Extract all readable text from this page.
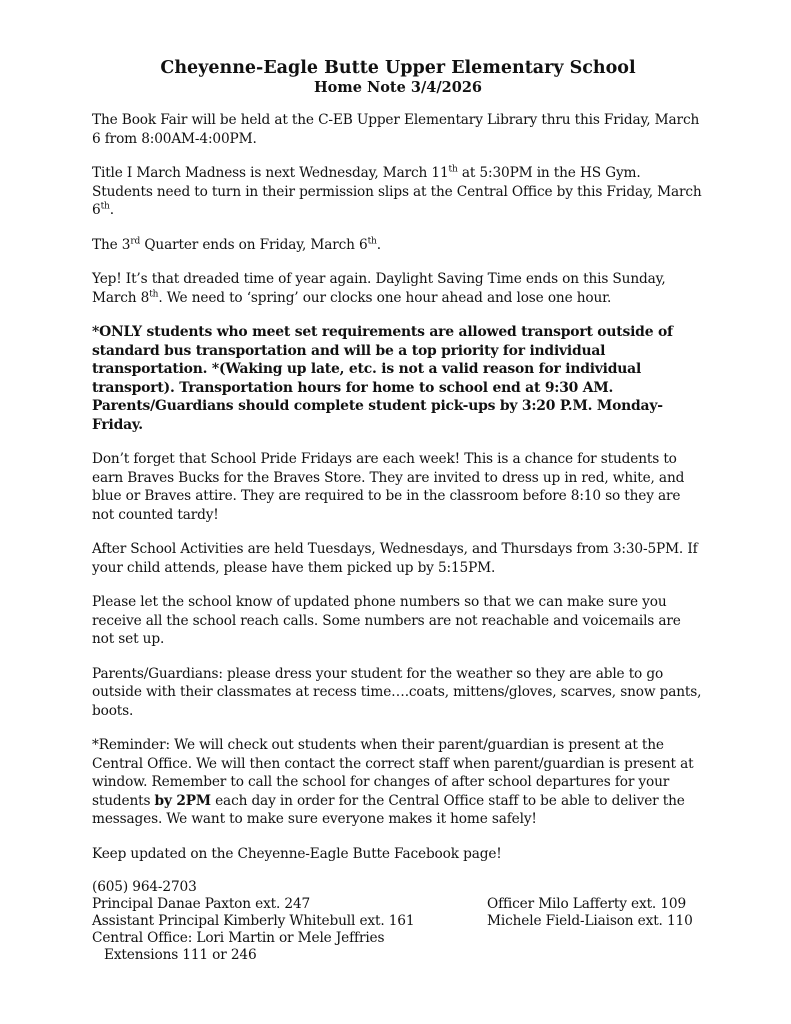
Cheyenne-Eagle Butte Upper Elementary School
Home Note 3/4/2026

The Book Fair will be held at the C-EB Upper Elementary Library thru this Friday, March 6 from 8:00AM-4:00PM.

Title I March Madness is next Wednesday, March 11th at 5:30PM in the HS Gym. Students need to turn in their permission slips at the Central Office by this Friday, March 6th.

The 3rd Quarter ends on Friday, March 6th.

Yep! It’s that dreaded time of year again. Daylight Saving Time ends on this Sunday, March 8th. We need to ‘spring’ our clocks one hour ahead and lose one hour.

*ONLY students who meet set requirements are allowed transport outside of standard bus transportation and will be a top priority for individual transportation. *(Waking up late, etc. is not a valid reason for individual transport). Transportation hours for home to school end at 9:30 AM. Parents/Guardians should complete student pick-ups by 3:20 P.M. Monday-Friday.

Don’t forget that School Pride Fridays are each week! This is a chance for students to earn Braves Bucks for the Braves Store. They are invited to dress up in red, white, and blue or Braves attire. They are required to be in the classroom before 8:10 so they are not counted tardy!

After School Activities are held Tuesdays, Wednesdays, and Thursdays from 3:30-5PM. If your child attends, please have them picked up by 5:15PM.

Please let the school know of updated phone numbers so that we can make sure you receive all the school reach calls. Some numbers are not reachable and voicemails are not set up.

Parents/Guardians: please dress your student for the weather so they are able to go outside with their classmates at recess time….coats, mittens/gloves, scarves, snow pants, boots.

*Reminder: We will check out students when their parent/guardian is present at the Central Office. We will then contact the correct staff when parent/guardian is present at window. Remember to call the school for changes of after school departures for your students by 2PM each day in order for the Central Office staff to be able to deliver the messages. We want to make sure everyone makes it home safely!

Keep updated on the Cheyenne-Eagle Butte Facebook page!

(605) 964-2703
Principal Danae Paxton ext. 247	Officer Milo Lafferty ext. 109
Assistant Principal Kimberly Whitebull ext. 161	Michele Field-Liaison ext. 110
Central Office: Lori Martin or Mele Jeffries
Extensions 111 or 246
